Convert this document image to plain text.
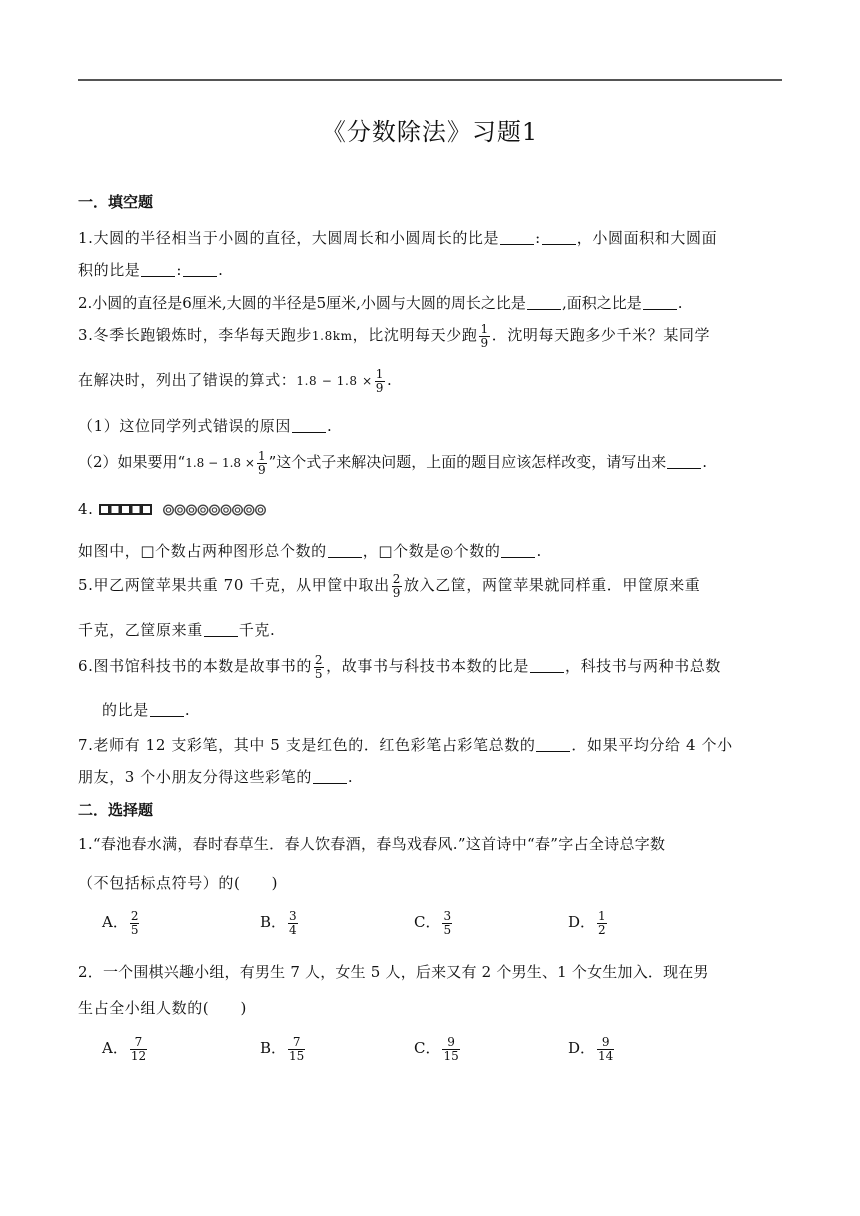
《分数除法》习题1
一．填空题
1.大圆的半径相当于小圆的直径，大圆周长和小圆周长的比是 : ，小圆面积和大圆面
积的比是 : .
2.小圆的直径是6厘米,大圆的半径是5厘米,小圆与大圆的周长之比是 ,面积之比是 .
3.冬季长跑锻炼时，李华每天跑步1.8km，比沈明每天少跑 $\frac{1}{9}$ ．沈明每天跑多少千米？某同学
在解决时，列出了错误的算式：$1.8 - 1.8 \times \frac{1}{9}$ .
（1）这位同学列式错误的原因 .
（2）如果要用“$1.8 - 1.8 \times \frac{1}{9}$ ”这个式子来解决问题，上面的题目应该怎样改变，请写出来 .
4.
如图中，□个数占两种图形总个数的 ，□个数是◎个数的 .
5.甲乙两筐苹果共重 70 千克，从甲筐中取出 $\frac{2}{9}$ 放入乙筐，两筐苹果就同样重．甲筐原来重
千克，乙筐原来重 千克.
6.图书馆科技书的本数是故事书的 $\frac{2}{5}$ ，故事书与科技书本数的比是 ，科技书与两种书总数
的比是 .
7.老师有 12 支彩笔，其中 5 支是红色的．红色彩笔占彩笔总数的 ．如果平均分给 4 个小
朋友，3 个小朋友分得这些彩笔的 .
二．选择题
1.“春池春水满，春时春草生．春人饮春酒，春鸟戏春风.”这首诗中“春”字占全诗总字数
（不包括标点符号）的(　　)
A． $\frac{2}{5}$	B． $\frac{3}{4}$	C． $\frac{3}{5}$	D． $\frac{1}{2}$
2．一个围棋兴趣小组，有男生 7 人，女生 5 人，后来又有 2 个男生、1 个女生加入．现在男
生占全小组人数的(　　)
A． $\frac{7}{12}$	B． $\frac{7}{15}$	C． $\frac{9}{15}$	D． $\frac{9}{14}$
